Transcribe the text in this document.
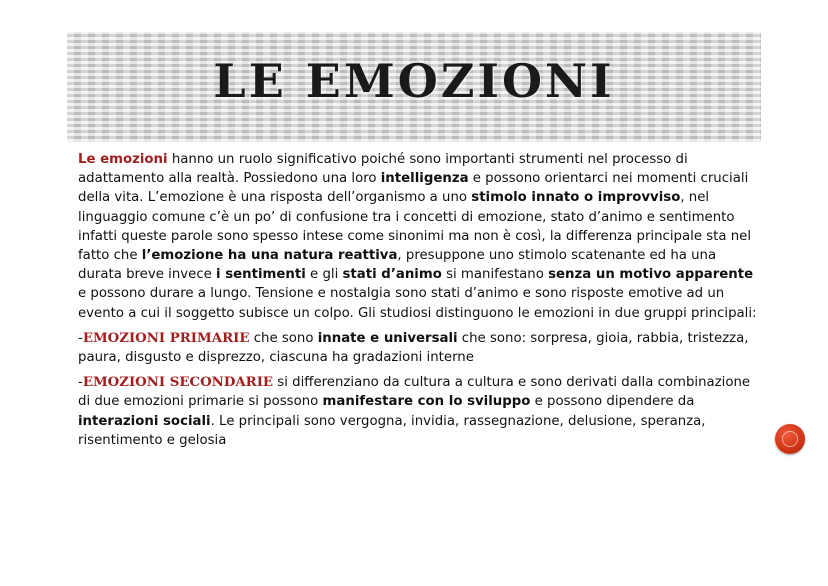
LE EMOZIONI

Le emozioni hanno un ruolo significativo poiché sono importanti strumenti nel processo di adattamento alla realtà. Possiedono una loro intelligenza e possono orientarci nei momenti cruciali della vita. L’emozione è una risposta dell’organismo a uno stimolo innato o improvviso, nel linguaggio comune c’è un po’ di confusione tra i concetti di emozione, stato d’animo e sentimento infatti queste parole sono spesso intese come sinonimi ma non è così, la differenza principale sta nel fatto che l’emozione ha una natura reattiva, presuppone uno stimolo scatenante ed ha una durata breve invece i sentimenti e gli stati d’animo si manifestano senza un motivo apparente e possono durare a lungo. Tensione e nostalgia sono stati d’animo e sono risposte emotive ad un evento a cui il soggetto subisce un colpo. Gli studiosi distinguono le emozioni in due gruppi principali:

-EMOZIONI PRIMARIE che sono innate e universali che sono: sorpresa, gioia, rabbia, tristezza, paura, disgusto e disprezzo, ciascuna ha gradazioni interne

-EMOZIONI SECONDARIE si differenziano da cultura a cultura e sono derivati dalla combinazione di due emozioni primarie si possono manifestare con lo sviluppo e possono dipendere da interazioni sociali. Le principali sono vergogna, invidia, rassegnazione, delusione, speranza, risentimento e gelosia
